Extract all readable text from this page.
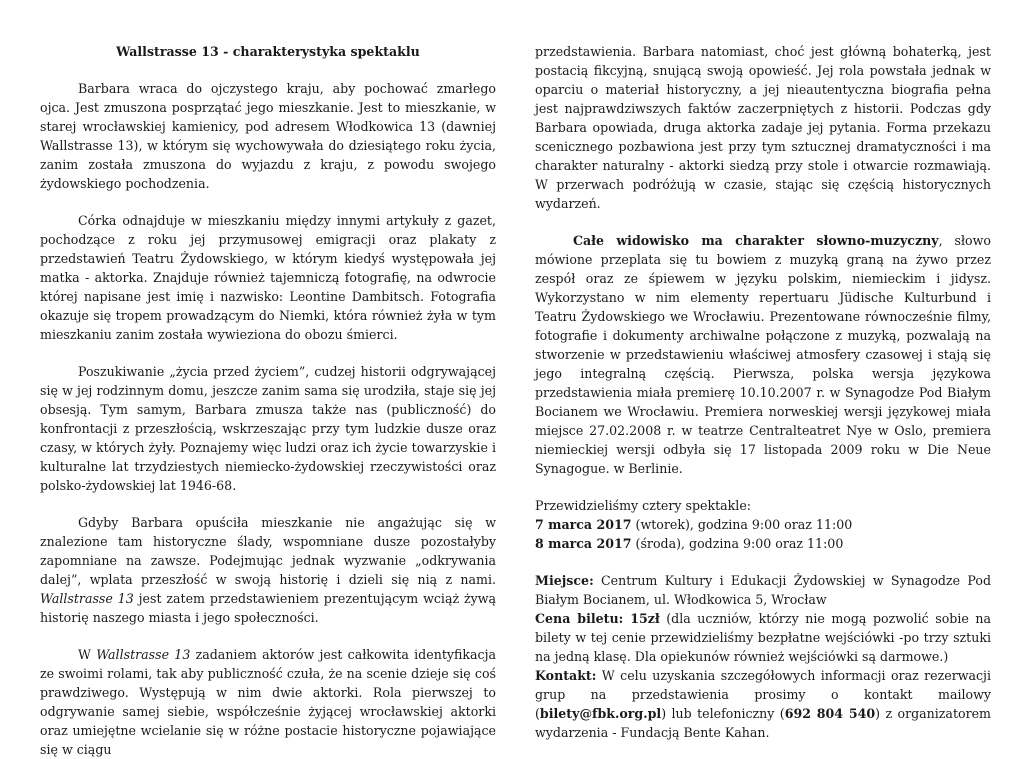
Wallstrasse 13 - charakterystyka spektaklu

Barbara wraca do ojczystego kraju, aby pochować zmarłego ojca. Jest zmuszona posprzątać jego mieszkanie. Jest to mieszkanie, w starej wrocławskiej kamienicy, pod adresem Włodkowica 13 (dawniej Wallstrasse 13), w którym się wychowywała do dziesiątego roku życia, zanim została zmuszona do wyjazdu z kraju, z powodu swojego żydowskiego pochodzenia.

Córka odnajduje w mieszkaniu między innymi artykuły z gazet, pochodzące z roku jej przymusowej emigracji oraz plakaty z przedstawień Teatru Żydowskiego, w którym kiedyś występowała jej matka - aktorka. Znajduje również tajemniczą fotografię, na odwrocie której napisane jest imię i nazwisko: Leontine Dambitsch. Fotografia okazuje się tropem prowadzącym do Niemki, która również żyła w tym mieszkaniu zanim została wywieziona do obozu śmierci.

Poszukiwanie „życia przed życiem”, cudzej historii odgrywającej się w jej rodzinnym domu, jeszcze zanim sama się urodziła, staje się jej obsesją. Tym samym, Barbara zmusza także nas (publiczność) do konfrontacji z przeszłością, wskrzeszając przy tym ludzkie dusze oraz czasy, w których żyły. Poznajemy więc ludzi oraz ich życie towarzyskie i kulturalne lat trzydziestych niemiecko-żydowskiej rzeczywistości oraz polsko-żydowskiej lat 1946-68.

Gdyby Barbara opuściła mieszkanie nie angażując się w znalezione tam historyczne ślady, wspomniane dusze pozostałyby zapomniane na zawsze. Podejmując jednak wyzwanie „odkrywania dalej”, wplata przeszłość w swoją historię i dzieli się nią z nami. Wallstrasse 13 jest zatem przedstawieniem prezentującym wciąż żywą historię naszego miasta i jego społeczności.

W Wallstrasse 13 zadaniem aktorów jest całkowita identyfikacja ze swoimi rolami, tak aby publiczność czuła, że na scenie dzieje się coś prawdziwego. Występują w nim dwie aktorki. Rola pierwszej to odgrywanie samej siebie, współcześnie żyjącej wrocławskiej aktorki oraz umiejętne wcielanie się w różne postacie historyczne pojawiające się w ciągu

przedstawienia. Barbara natomiast, choć jest główną bohaterką, jest postacią fikcyjną, snującą swoją opowieść. Jej rola powstała jednak w oparciu o materiał historyczny, a jej nieautentyczna biografia pełna jest najprawdziwszych faktów zaczerpniętych z historii. Podczas gdy Barbara opowiada, druga aktorka zadaje jej pytania. Forma przekazu scenicznego pozbawiona jest przy tym sztucznej dramatyczności i ma charakter naturalny - aktorki siedzą przy stole i otwarcie rozmawiają. W przerwach podróżują w czasie, stając się częścią historycznych wydarzeń.

Całe widowisko ma charakter słowno-muzyczny, słowo mówione przeplata się tu bowiem z muzyką graną na żywo przez zespół oraz ze śpiewem w języku polskim, niemieckim i jidysz. Wykorzystano w nim elementy repertuaru Jüdische Kulturbund i Teatru Żydowskiego we Wrocławiu. Prezentowane równocześnie filmy, fotografie i dokumenty archiwalne połączone z muzyką, pozwalają na stworzenie w przedstawieniu właściwej atmosfery czasowej i stają się jego integralną częścią. Pierwsza, polska wersja językowa przedstawienia miała premierę 10.10.2007 r. w Synagodze Pod Białym Bocianem we Wrocławiu. Premiera norweskiej wersji językowej miała miejsce 27.02.2008 r. w teatrze Centralteatret Nye w Oslo, premiera niemieckiej wersji odbyła się 17 listopada 2009 roku w Die Neue Synagogue. w Berlinie.

Przewidzieliśmy cztery spektakle:

7 marca 2017 (wtorek), godzina 9:00 oraz 11:00

8 marca 2017 (środa), godzina 9:00 oraz 11:00

Miejsce: Centrum Kultury i Edukacji Żydowskiej w Synagodze Pod Białym Bocianem, ul. Włodkowica 5, Wrocław

Cena biletu: 15zł (dla uczniów, którzy nie mogą pozwolić sobie na bilety w tej cenie przewidzieliśmy bezpłatne wejściówki -po trzy sztuki na jedną klasę. Dla opiekunów również wejściówki są darmowe.)

Kontakt: W celu uzyskania szczegółowych informacji oraz rezerwacji grup na przedstawienia prosimy o kontakt mailowy (bilety@fbk.org.pl) lub telefoniczny (692 804 540) z organizatorem wydarzenia - Fundacją Bente Kahan.
